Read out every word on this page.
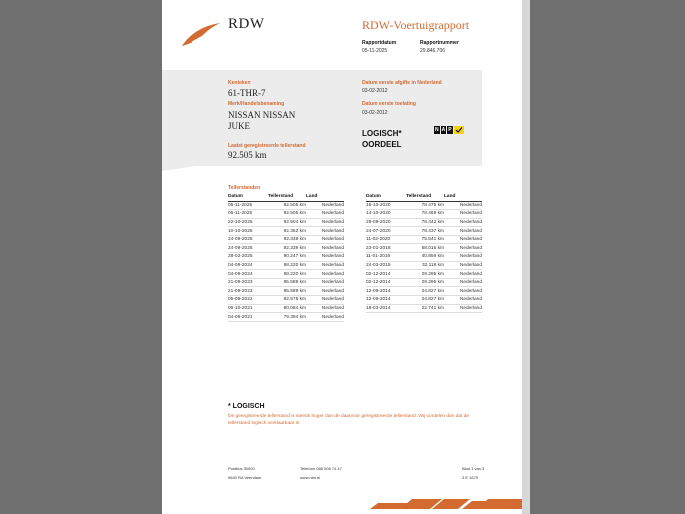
RDW	RDW-Voertuigrapport
Rapportdatum
05-11-2025
Rapportnummer
29.846.706
Kenteken
61-THR-7
Merk/Handelsbenaming
NISSAN NISSAN
JUKE
Laatst geregistreerde tellerstand
92.505 km
Datum eerste afgifte in Nederland
03-02-2012
Datum eerste toelating
03-02-2012
LOGISCH*
OORDEEL
N A P
Tellerstanden
Datum	Tellerstand	Land
05-11-2025	92.505 km	Nederland
05-11-2025	92.505 km	Nederland
22-10-2025	92.504 km	Nederland
10-10-2025	92.352 km	Nederland
24-09-2025	92.339 km	Nederland
24-09-2025	92.339 km	Nederland
28-02-2025	90.247 km	Nederland
04-09-2024	88.220 km	Nederland
04-09-2024	88.220 km	Nederland
21-09-2023	85.589 km	Nederland
21-09-2023	85.589 km	Nederland
05-09-2022	82.575 km	Nederland
06-10-2021	80.084 km	Nederland
04-06-2021	79.394 km	Nederland
Datum	Tellerstand	Land
16-10-2020	78.475 km	Nederland
14-10-2020	78.469 km	Nederland
25-09-2020	78.442 km	Nederland
24-07-2020	78.437 km	Nederland
11-02-2020	75.541 km	Nederland
23-01-2018	58.016 km	Nederland
11-01-2016	40.859 km	Nederland
24-03-2015	32.118 km	Nederland
02-12-2014	29.295 km	Nederland
02-12-2014	29.295 km	Nederland
12-06-2014	24.827 km	Nederland
12-06-2014	24.827 km	Nederland
18-03-2014	22.741 km	Nederland
* LOGISCH
De geregistreerde tellerstand is steeds hoger dan de daarvoor geregistreerde tellerstand. Wij oordelen dan dat de tellerstand logisch verklaarbaar is.
Postbus 30000
9640 RA Veendam
Telefoon 088 008 74 47
www.rdw.nl
Blad 1 van 3
3 E 1679
